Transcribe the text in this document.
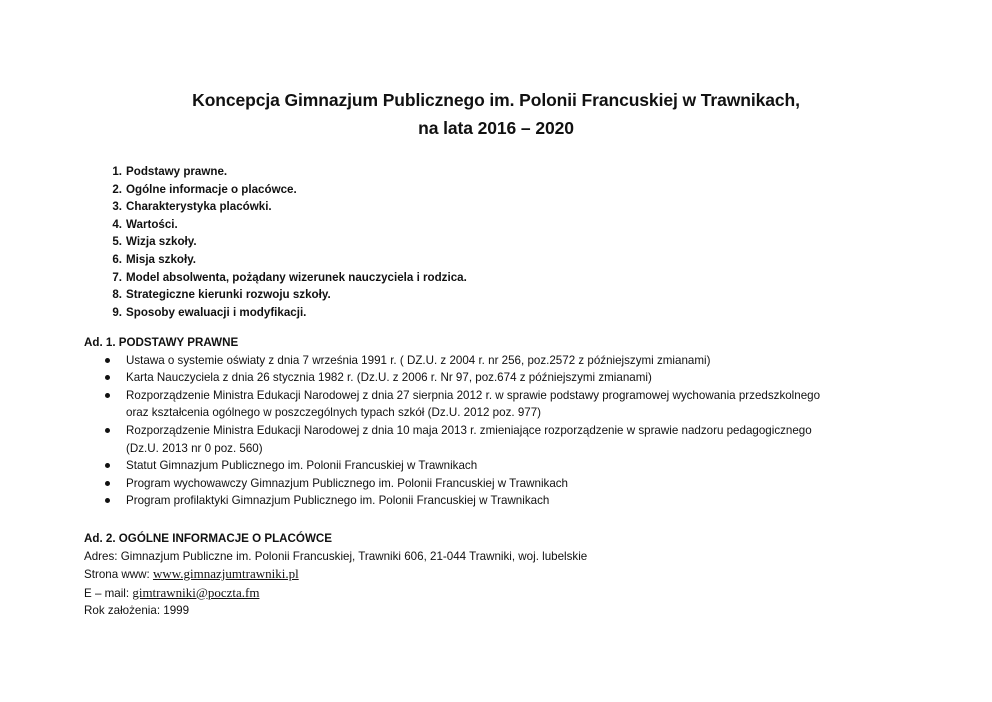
Koncepcja Gimnazjum Publicznego im. Polonii Francuskiej w Trawnikach,
na lata 2016 – 2020
1. Podstawy prawne.
2. Ogólne informacje o placówce.
3. Charakterystyka placówki.
4. Wartości.
5. Wizja szkoły.
6. Misja szkoły.
7. Model absolwenta, pożądany wizerunek nauczyciela i rodzica.
8. Strategiczne kierunki rozwoju szkoły.
9. Sposoby ewaluacji i modyfikacji.
Ad. 1. PODSTAWY PRAWNE
Ustawa o systemie oświaty z dnia 7 września 1991 r. ( DZ.U. z 2004 r. nr 256, poz.2572 z późniejszymi zmianami)
Karta Nauczyciela z dnia 26 stycznia 1982 r. (Dz.U. z 2006 r. Nr 97, poz.674 z późniejszymi zmianami)
Rozporządzenie Ministra Edukacji Narodowej z dnia 27 sierpnia 2012 r. w sprawie podstawy programowej wychowania przedszkolnego
oraz kształcenia ogólnego w poszczególnych typach szkół (Dz.U. 2012 poz. 977)
Rozporządzenie Ministra Edukacji Narodowej z dnia 10 maja 2013 r. zmieniające rozporządzenie w sprawie nadzoru pedagogicznego
(Dz.U. 2013 nr 0 poz. 560)
Statut Gimnazjum Publicznego im. Polonii Francuskiej w Trawnikach
Program wychowawczy Gimnazjum Publicznego im. Polonii Francuskiej w Trawnikach
Program profilaktyki Gimnazjum Publicznego im. Polonii Francuskiej w Trawnikach
Ad. 2. OGÓLNE INFORMACJE O PLACÓWCE
Adres: Gimnazjum Publiczne im. Polonii Francuskiej, Trawniki 606, 21-044 Trawniki, woj. lubelskie
Strona www: www.gimnazjumtrawniki.pl
E – mail: gimtrawniki@poczta.fm
Rok założenia: 1999
